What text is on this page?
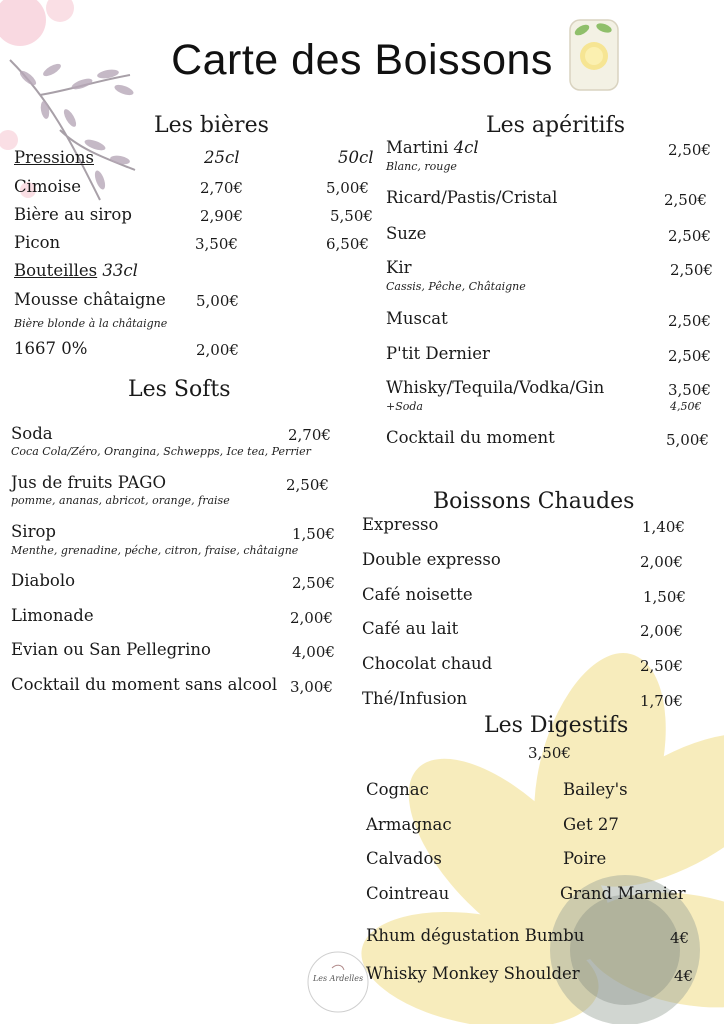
Les Ardelles
Carte des Boissons
Les bières
Pressions	25cl	50cl
Cimoise	2,70€	5,00€
Bière au sirop	2,90€	5,50€
Picon	3,50€	6,50€
Bouteilles 33cl
Mousse châtaigne 5,00€
Bière blonde à la châtaigne
1667 0%	2,00€
Les Softs
Soda	2,70€
Coca Cola/Zéro, Orangina, Schwepps, Ice tea, Perrier
Jus de fruits PAGO	2,50€
pomme, ananas, abricot, orange, fraise
Sirop	1,50€
Menthe, grenadine, péche, citron, fraise, châtaigne
Diabolo	2,50€
Limonade	2,00€
Evian ou San Pellegrino	4,00€
Cocktail du moment sans alcool 3,00€
Les apéritifs
Martini 4cl	2,50€
Blanc, rouge
Ricard/Pastis/Cristal	2,50€
Suze	2,50€
Kir	2,50€
Cassis, Pêche, Châtaigne
Muscat	2,50€
P'tit Dernier	2,50€
Whisky/Tequila/Vodka/Gin	3,50€
+Soda	4,50€
Cocktail du moment	5,00€
Boissons Chaudes
Expresso	1,40€
Double expresso	2,00€
Café noisette	1,50€
Café au lait	2,00€
Chocolat chaud	2,50€
Thé/Infusion	1,70€
Les Digestifs
3,50€
Cognac	Bailey's
Armagnac	Get 27
Calvados	Poire
Cointreau	Grand Marnier
Rhum dégustation Bumbu	4€
Whisky Monkey Shoulder	4€
